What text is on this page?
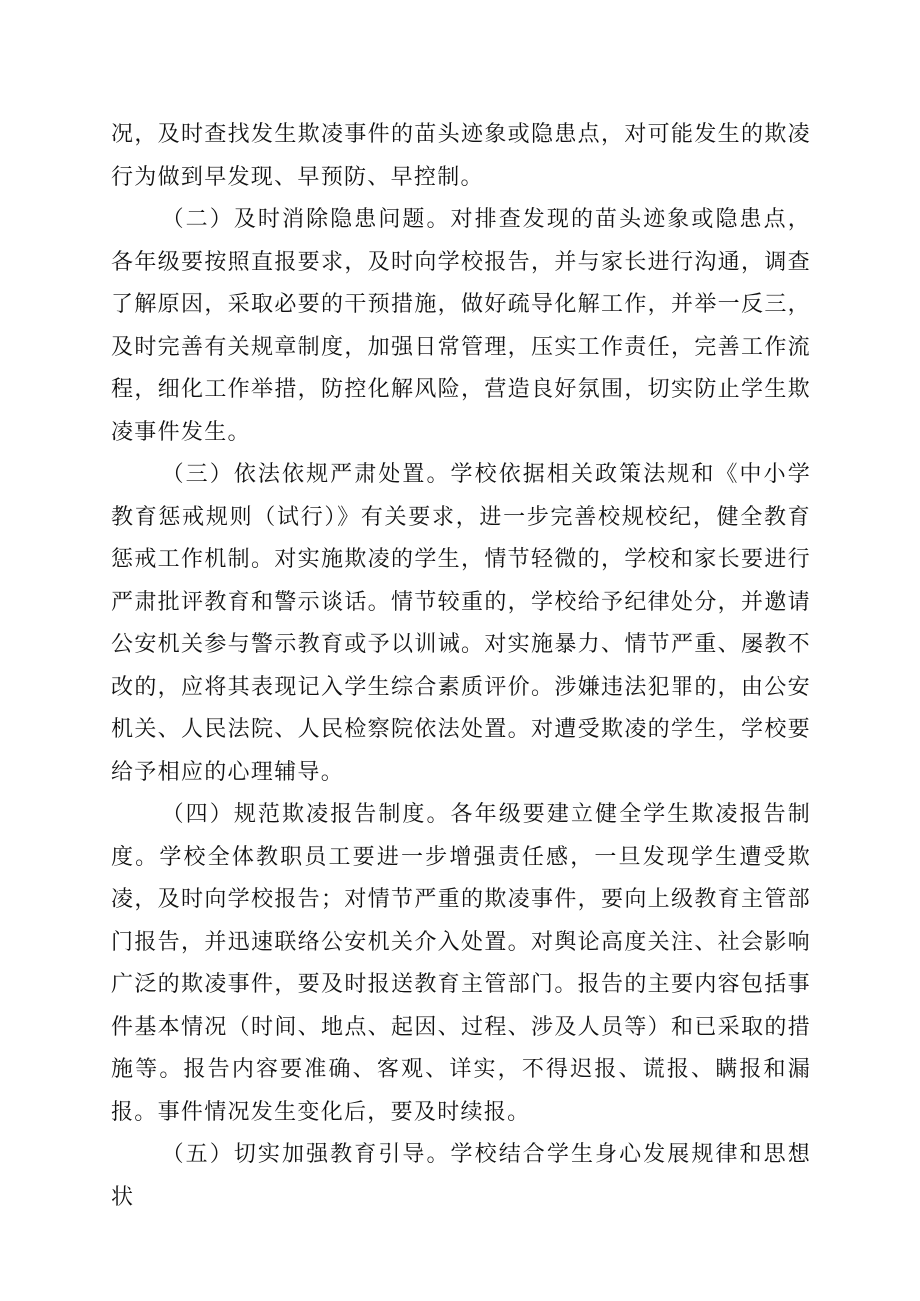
况，及时查找发生欺凌事件的苗头迹象或隐患点，对可能发生的欺凌行为做到早发现、早预防、早控制。

（二）及时消除隐患问题。对排查发现的苗头迹象或隐患点，各年级要按照直报要求，及时向学校报告，并与家长进行沟通，调查了解原因，采取必要的干预措施，做好疏导化解工作，并举一反三，及时完善有关规章制度，加强日常管理，压实工作责任，完善工作流程，细化工作举措，防控化解风险，营造良好氛围，切实防止学生欺凌事件发生。

（三）依法依规严肃处置。学校依据相关政策法规和《中小学教育惩戒规则（试行）》有关要求，进一步完善校规校纪，健全教育惩戒工作机制。对实施欺凌的学生，情节轻微的，学校和家长要进行严肃批评教育和警示谈话。情节较重的，学校给予纪律处分，并邀请公安机关参与警示教育或予以训诫。对实施暴力、情节严重、屡教不改的，应将其表现记入学生综合素质评价。涉嫌违法犯罪的，由公安机关、人民法院、人民检察院依法处置。对遭受欺凌的学生，学校要给予相应的心理辅导。

（四）规范欺凌报告制度。各年级要建立健全学生欺凌报告制度。学校全体教职员工要进一步增强责任感，一旦发现学生遭受欺凌，及时向学校报告；对情节严重的欺凌事件，要向上级教育主管部门报告，并迅速联络公安机关介入处置。对舆论高度关注、社会影响广泛的欺凌事件，要及时报送教育主管部门。报告的主要内容包括事件基本情况（时间、地点、起因、过程、涉及人员等）和已采取的措施等。报告内容要准确、客观、详实，不得迟报、谎报、瞒报和漏报。事件情况发生变化后，要及时续报。

（五）切实加强教育引导。学校结合学生身心发展规律和思想状
